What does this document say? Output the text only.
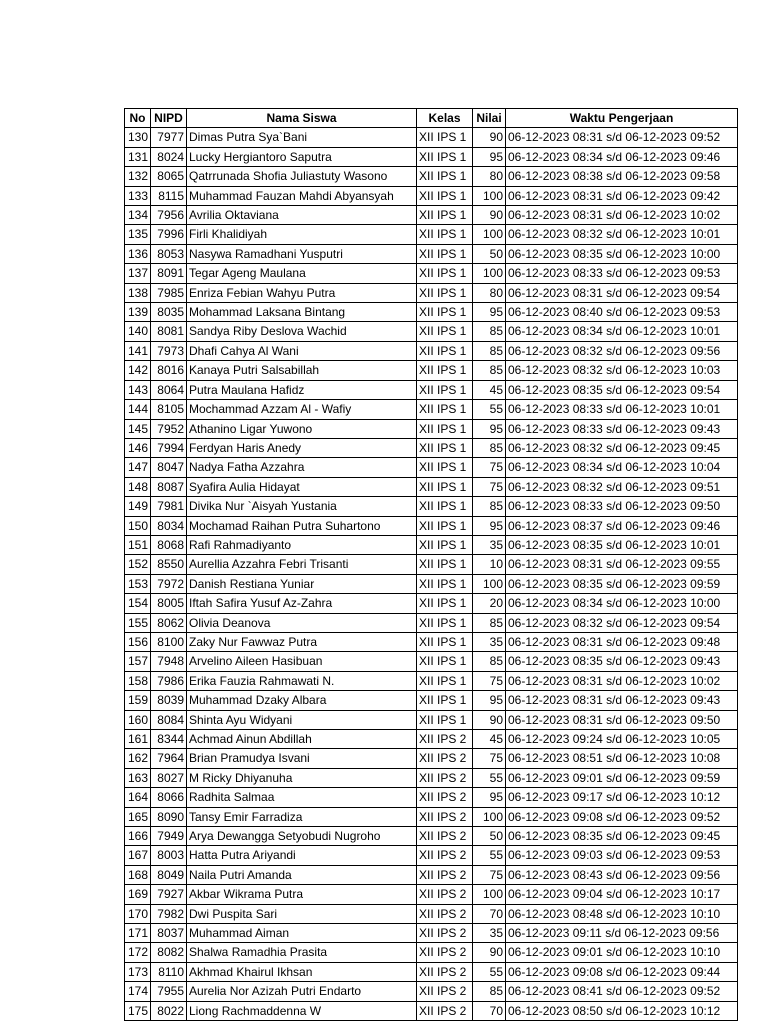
No	NIPD	Nama Siswa	Kelas	Nilai	Waktu Pengerjaan
130	7977	Dimas Putra Sya`Bani	XII IPS 1	90	06-12-2023 08:31 s/d 06-12-2023 09:52
131	8024	Lucky Hergiantoro Saputra	XII IPS 1	95	06-12-2023 08:34 s/d 06-12-2023 09:46
132	8065	Qatrrunada Shofia Juliastuty Wasono	XII IPS 1	80	06-12-2023 08:38 s/d 06-12-2023 09:58
133	8115	Muhammad Fauzan Mahdi Abyansyah	XII IPS 1	100	06-12-2023 08:31 s/d 06-12-2023 09:42
134	7956	Avrilia Oktaviana	XII IPS 1	90	06-12-2023 08:31 s/d 06-12-2023 10:02
135	7996	Firli Khalidiyah	XII IPS 1	100	06-12-2023 08:32 s/d 06-12-2023 10:01
136	8053	Nasywa Ramadhani Yusputri	XII IPS 1	50	06-12-2023 08:35 s/d 06-12-2023 10:00
137	8091	Tegar Ageng Maulana	XII IPS 1	100	06-12-2023 08:33 s/d 06-12-2023 09:53
138	7985	Enriza Febian Wahyu Putra	XII IPS 1	80	06-12-2023 08:31 s/d 06-12-2023 09:54
139	8035	Mohammad Laksana Bintang	XII IPS 1	95	06-12-2023 08:40 s/d 06-12-2023 09:53
140	8081	Sandya Riby Deslova Wachid	XII IPS 1	85	06-12-2023 08:34 s/d 06-12-2023 10:01
141	7973	Dhafi Cahya Al Wani	XII IPS 1	85	06-12-2023 08:32 s/d 06-12-2023 09:56
142	8016	Kanaya Putri Salsabillah	XII IPS 1	85	06-12-2023 08:32 s/d 06-12-2023 10:03
143	8064	Putra Maulana Hafidz	XII IPS 1	45	06-12-2023 08:35 s/d 06-12-2023 09:54
144	8105	Mochammad Azzam Al - Wafiy	XII IPS 1	55	06-12-2023 08:33 s/d 06-12-2023 10:01
145	7952	Athanino Ligar Yuwono	XII IPS 1	95	06-12-2023 08:33 s/d 06-12-2023 09:43
146	7994	Ferdyan Haris Anedy	XII IPS 1	85	06-12-2023 08:32 s/d 06-12-2023 09:45
147	8047	Nadya Fatha Azzahra	XII IPS 1	75	06-12-2023 08:34 s/d 06-12-2023 10:04
148	8087	Syafira Aulia Hidayat	XII IPS 1	75	06-12-2023 08:32 s/d 06-12-2023 09:51
149	7981	Divika Nur `Aisyah Yustania	XII IPS 1	85	06-12-2023 08:33 s/d 06-12-2023 09:50
150	8034	Mochamad Raihan Putra Suhartono	XII IPS 1	95	06-12-2023 08:37 s/d 06-12-2023 09:46
151	8068	Rafi Rahmadiyanto	XII IPS 1	35	06-12-2023 08:35 s/d 06-12-2023 10:01
152	8550	Aurellia Azzahra Febri Trisanti	XII IPS 1	10	06-12-2023 08:31 s/d 06-12-2023 09:55
153	7972	Danish Restiana Yuniar	XII IPS 1	100	06-12-2023 08:35 s/d 06-12-2023 09:59
154	8005	Iftah Safira Yusuf Az-Zahra	XII IPS 1	20	06-12-2023 08:34 s/d 06-12-2023 10:00
155	8062	Olivia Deanova	XII IPS 1	85	06-12-2023 08:32 s/d 06-12-2023 09:54
156	8100	Zaky Nur Fawwaz Putra	XII IPS 1	35	06-12-2023 08:31 s/d 06-12-2023 09:48
157	7948	Arvelino Aileen Hasibuan	XII IPS 1	85	06-12-2023 08:35 s/d 06-12-2023 09:43
158	7986	Erika Fauzia Rahmawati N.	XII IPS 1	75	06-12-2023 08:31 s/d 06-12-2023 10:02
159	8039	Muhammad Dzaky Albara	XII IPS 1	95	06-12-2023 08:31 s/d 06-12-2023 09:43
160	8084	Shinta Ayu Widyani	XII IPS 1	90	06-12-2023 08:31 s/d 06-12-2023 09:50
161	8344	Achmad Ainun Abdillah	XII IPS 2	45	06-12-2023 09:24 s/d 06-12-2023 10:05
162	7964	Brian Pramudya Isvani	XII IPS 2	75	06-12-2023 08:51 s/d 06-12-2023 10:08
163	8027	M Ricky Dhiyanuha	XII IPS 2	55	06-12-2023 09:01 s/d 06-12-2023 09:59
164	8066	Radhita Salmaa	XII IPS 2	95	06-12-2023 09:17 s/d 06-12-2023 10:12
165	8090	Tansy Emir Farradiza	XII IPS 2	100	06-12-2023 09:08 s/d 06-12-2023 09:52
166	7949	Arya Dewangga Setyobudi Nugroho	XII IPS 2	50	06-12-2023 08:35 s/d 06-12-2023 09:45
167	8003	Hatta Putra Ariyandi	XII IPS 2	55	06-12-2023 09:03 s/d 06-12-2023 09:53
168	8049	Naila Putri Amanda	XII IPS 2	75	06-12-2023 08:43 s/d 06-12-2023 09:56
169	7927	Akbar Wikrama Putra	XII IPS 2	100	06-12-2023 09:04 s/d 06-12-2023 10:17
170	7982	Dwi Puspita Sari	XII IPS 2	70	06-12-2023 08:48 s/d 06-12-2023 10:10
171	8037	Muhammad Aiman	XII IPS 2	35	06-12-2023 09:11 s/d 06-12-2023 09:56
172	8082	Shalwa Ramadhia Prasita	XII IPS 2	90	06-12-2023 09:01 s/d 06-12-2023 10:10
173	8110	Akhmad Khairul Ikhsan	XII IPS 2	55	06-12-2023 09:08 s/d 06-12-2023 09:44
174	7955	Aurelia Nor Azizah Putri Endarto	XII IPS 2	85	06-12-2023 08:41 s/d 06-12-2023 09:52
175	8022	Liong Rachmaddenna W	XII IPS 2	70	06-12-2023 08:50 s/d 06-12-2023 10:12
